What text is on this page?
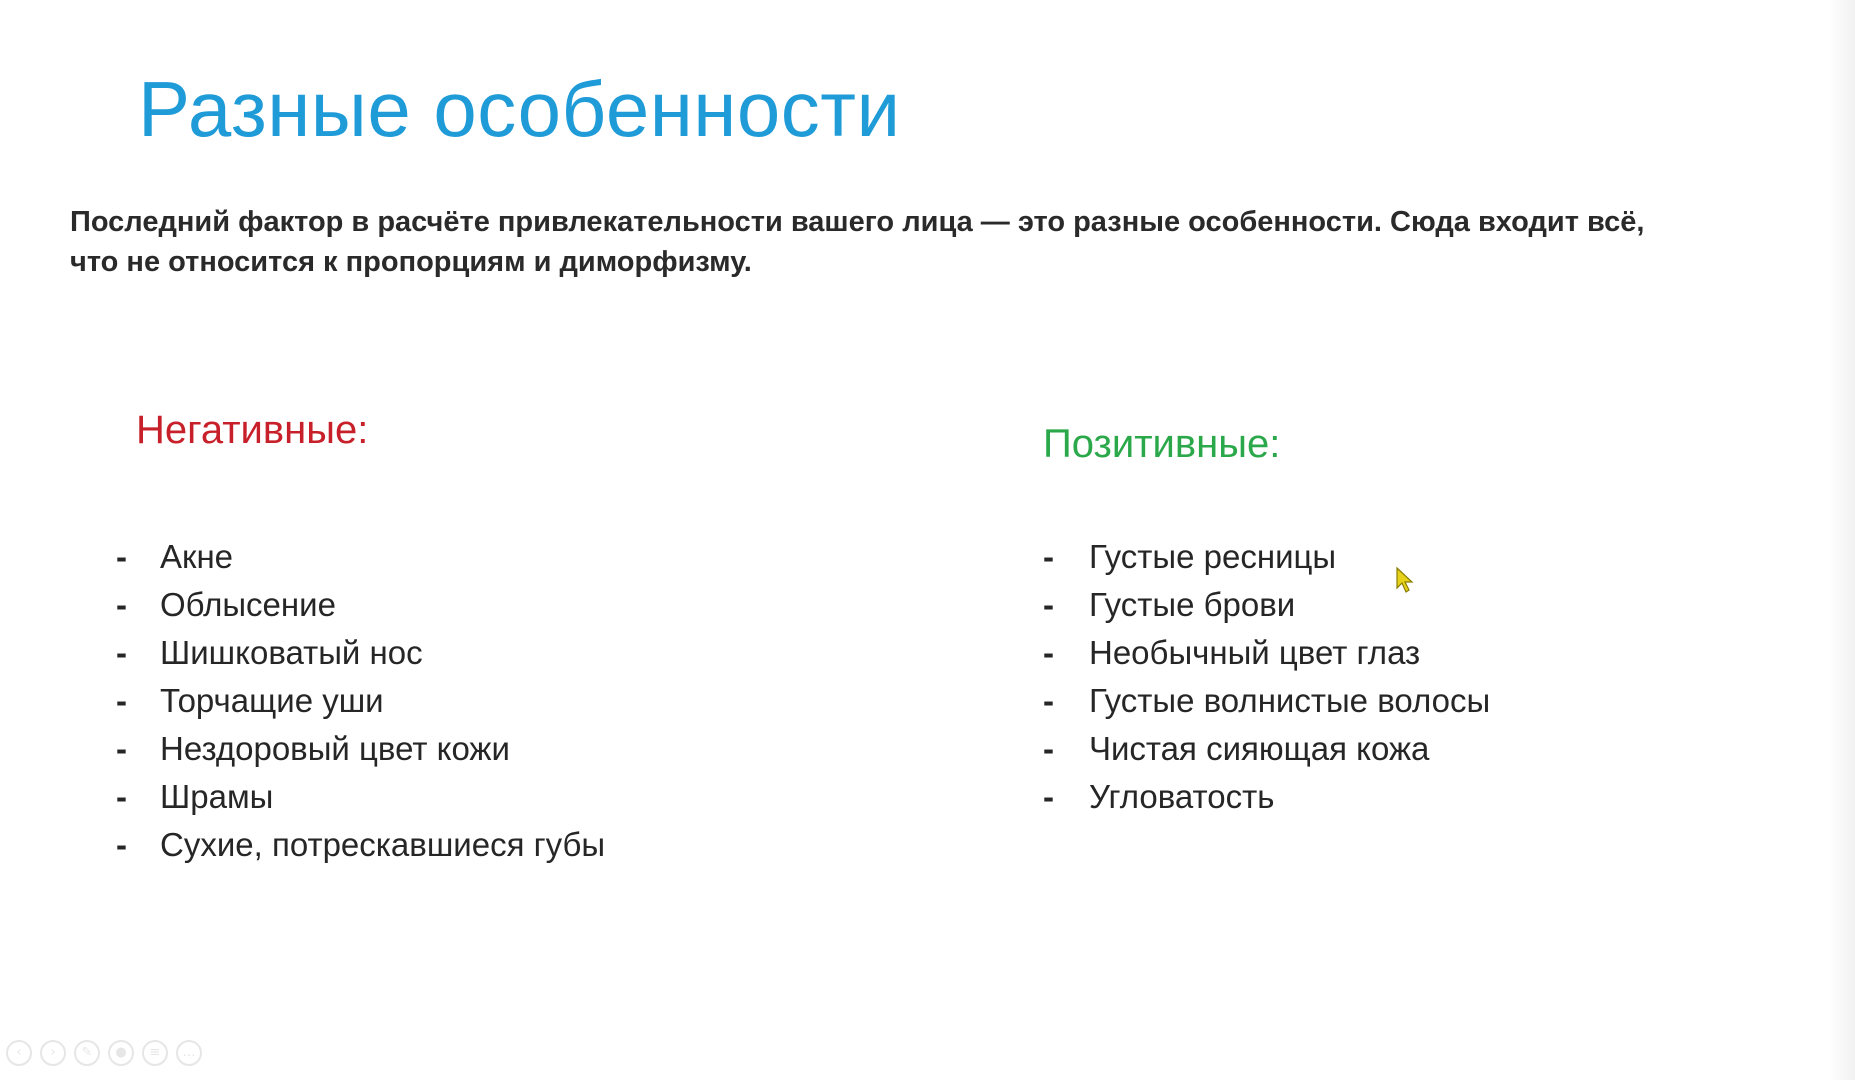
Разные особенности
Последний фактор в расчёте привлекательности вашего лица — это разные особенности. Сюда входит всё, что не относится к пропорциям и диморфизму.
Негативные:	Позитивные:
-	Акне
-	Облысение
-	Шишковатый нос
-	Торчащие уши
-	Нездоровый цвет кожи
-	Шрамы
-	Сухие, потрескавшиеся губы
-	Густые ресницы
-	Густые брови
-	Необычный цвет глаз
-	Густые волнистые волосы
-	Чистая сияющая кожа
-	Угловатость
‹	›	✎	●	≡	…
